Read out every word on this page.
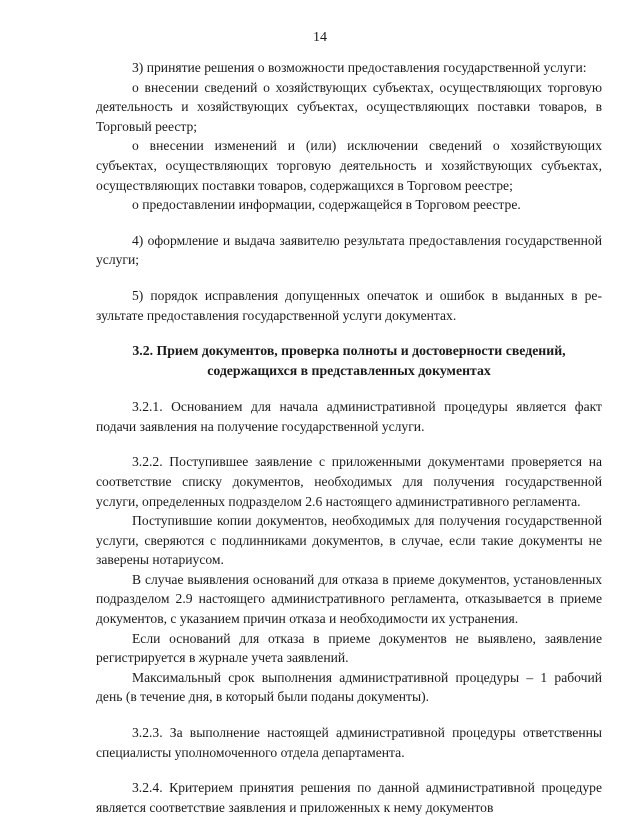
14

3) принятие решения о возможности предоставления государственной услуги:

о внесении сведений о хозяйствующих субъектах, осуществляющих торговую деятельность и хозяйствующих субъектах, осуществляющих поставки товаров, в Торговый реестр;

о внесении изменений и (или) исключении сведений о хозяйствующих субъектах, осуществляющих торговую деятельность и хозяйствующих субъектах, осуществляющих поставки товаров, содержащихся в Торговом реестре;

о предоставлении информации, содержащейся в Торговом реестре.

4) оформление и выдача заявителю результата предоставления государственной услуги;

5) порядок исправления допущенных опечаток и ошибок в выданных в ре-зультате предоставления государственной услуги документах.

3.2. Прием документов, проверка полноты и достоверности сведений, содержащихся в представленных документах

3.2.1. Основанием для начала административной процедуры является факт подачи заявления на получение государственной услуги.

3.2.2. Поступившее заявление с приложенными документами проверяется на соответствие списку документов, необходимых для получения государственной услуги, определенных подразделом 2.6 настоящего административного регламента.

Поступившие копии документов, необходимых для получения государственной услуги, сверяются с подлинниками документов, в случае, если такие документы не заверены нотариусом.

В случае выявления оснований для отказа в приеме документов, установленных подразделом 2.9 настоящего административного регламента, отказывается в приеме документов, с указанием причин отказа и необходимости их устранения.

Если оснований для отказа в приеме документов не выявлено, заявление регистрируется в журнале учета заявлений.

Максимальный срок выполнения административной процедуры – 1 рабочий день (в течение дня, в который были поданы документы).

3.2.3. За выполнение настоящей административной процедуры ответственны специалисты уполномоченного отдела департамента.

3.2.4. Критерием принятия решения по данной административной процедуре является соответствие заявления и приложенных к нему документов
